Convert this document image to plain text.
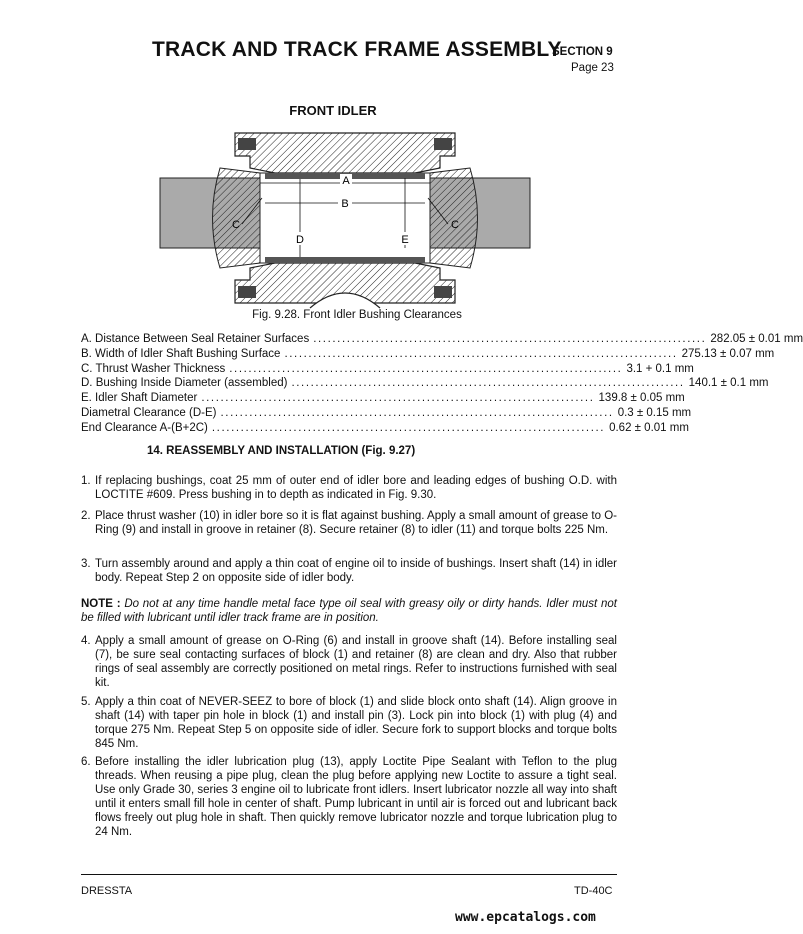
TRACK AND TRACK FRAME ASSEMBLY
SECTION 9
Page 23
FRONT IDLER
A
B
D	E
C	C
Fig. 9.28. Front Idler Bushing Clearances
A. Distance Between Seal Retainer Surfaces .................................................................................. 282.05 ± 0.01 mm
B. Width of Idler Shaft Bushing Surface .................................................................................. 275.13 ± 0.07 mm
C. Thrust Washer Thickness .................................................................................. 3.1 + 0.1 mm
D. Bushing Inside Diameter (assembled) .................................................................................. 140.1 ± 0.1 mm
E. Idler Shaft Diameter .................................................................................. 139.8 ± 0.05 mm
Diametral Clearance (D-E) .................................................................................. 0.3 ± 0.15 mm
End Clearance A-(B+2C) .................................................................................. 0.62 ± 0.01 mm
14. REASSEMBLY AND INSTALLATION (Fig. 9.27)
1. If replacing bushings, coat 25 mm of outer end of idler bore and leading edges of bushing O.D. with LOCTITE #609. Press bushing in to depth as indicated in Fig. 9.30.
2. Place thrust washer (10) in idler bore so it is flat against bushing. Apply a small amount of grease to O-Ring (9) and install in groove in retainer (8). Secure retainer (8) to idler (11) and torque bolts 225 Nm.
3. Turn assembly around and apply a thin coat of engine oil to inside of bushings. Insert shaft (14) in idler body. Repeat Step 2 on opposite side of idler body.
NOTE : Do not at any time handle metal face type oil seal with greasy oily or dirty hands. Idler must not be filled with lubricant until idler track frame are in position.
4. Apply a small amount of grease on O-Ring (6) and install in groove shaft (14). Before installing seal (7), be sure seal contacting surfaces of block (1) and retainer (8) are clean and dry. Also that rubber rings of seal assembly are correctly positioned on metal rings. Refer to instructions furnished with seal kit.
5. Apply a thin coat of NEVER-SEEZ to bore of block (1) and slide block onto shaft (14). Align groove in shaft (14) with taper pin hole in block (1) and install pin (3). Lock pin into block (1) with plug (4) and torque 275 Nm. Repeat Step 5 on opposite side of idler. Secure fork to support blocks and torque bolts 845 Nm.
6. Before installing the idler lubrication plug (13), apply Loctite Pipe Sealant with Teflon to the plug threads. When reusing a pipe plug, clean the plug before applying new Loctite to assure a tight seal. Use only Grade 30, series 3 engine oil to lubricate front idlers. Insert lubricator nozzle all way into shaft until it enters small fill hole in center of shaft. Pump lubricant in until air is forced out and lubricant back flows freely out plug hole in shaft. Then quickly remove lubricator nozzle and torque lubrication plug to 24 Nm.
DRESSTA	TD-40C
www.epcatalogs.com
